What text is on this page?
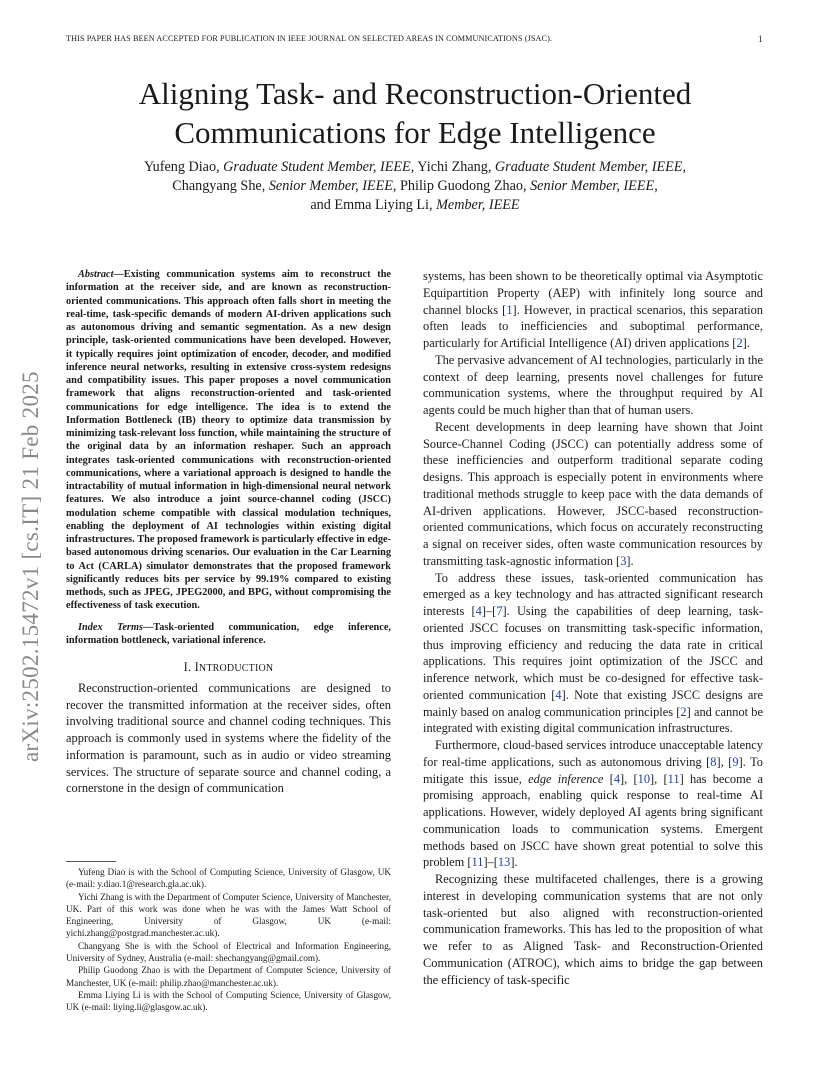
THIS PAPER HAS BEEN ACCEPTED FOR PUBLICATION IN IEEE JOURNAL ON SELECTED AREAS IN COMMUNICATIONS (JSAC).	1
arXiv:2502.15472v1 [cs.IT] 21 Feb 2025
Aligning Task- and Reconstruction-Oriented
Communications for Edge Intelligence
Yufeng Diao, Graduate Student Member, IEEE, Yichi Zhang, Graduate Student Member, IEEE,
Changyang She, Senior Member, IEEE, Philip Guodong Zhao, Senior Member, IEEE,
and Emma Liying Li, Member, IEEE

Abstract—Existing communication systems aim to reconstruct the information at the receiver side, and are known as reconstruction-oriented communications. This approach often falls short in meeting the real-time, task-specific demands of modern AI-driven applications such as autonomous driving and semantic segmentation. As a new design principle, task-oriented communications have been developed. However, it typically requires joint optimization of encoder, decoder, and modified inference neural networks, resulting in extensive cross-system redesigns and compatibility issues. This paper proposes a novel communication framework that aligns reconstruction-oriented and task-oriented communications for edge intelligence. The idea is to extend the Information Bottleneck (IB) theory to optimize data transmission by minimizing task-relevant loss function, while maintaining the structure of the original data by an information reshaper. Such an approach integrates task-oriented communications with reconstruction-oriented communications, where a variational approach is designed to handle the intractability of mutual information in high-dimensional neural network features. We also introduce a joint source-channel coding (JSCC) modulation scheme compatible with classical modulation techniques, enabling the deployment of AI technologies within existing digital infrastructures. The proposed framework is particularly effective in edge-based autonomous driving scenarios. Our evaluation in the Car Learning to Act (CARLA) simulator demonstrates that the proposed framework significantly reduces bits per service by 99.19% compared to existing methods, such as JPEG, JPEG2000, and BPG, without compromising the effectiveness of task execution.

Index Terms—Task-oriented communication, edge inference, information bottleneck, variational inference.

I. INTRODUCTION

Reconstruction-oriented communications are designed to recover the transmitted information at the receiver sides, often involving traditional source and channel coding techniques. This approach is commonly used in systems where the fidelity of the information is paramount, such as in audio or video streaming services. The structure of separate source and channel coding, a cornerstone in the design of communication

Yufeng Diao is with the School of Computing Science, University of Glasgow, UK (e-mail: y.diao.1@research.gla.ac.uk).

Yichi Zhang is with the Department of Computer Science, University of Manchester, UK. Part of this work was done when he was with the James Watt School of Engineering, University of Glasgow, UK (e-mail: yichi.zhang@postgrad.manchester.ac.uk).

Changyang She is with the School of Electrical and Information Engineering, University of Sydney, Australia (e-mail: shechangyang@gmail.com).

Philip Guodong Zhao is with the Department of Computer Science, University of Manchester, UK (e-mail: philip.zhao@manchester.ac.uk).

Emma Liying Li is with the School of Computing Science, University of Glasgow, UK (e-mail: liying.li@glasgow.ac.uk).

systems, has been shown to be theoretically optimal via Asymptotic Equipartition Property (AEP) with infinitely long source and channel blocks [1]. However, in practical scenarios, this separation often leads to inefficiencies and suboptimal performance, particularly for Artificial Intelligence (AI) driven applications [2].

The pervasive advancement of AI technologies, particularly in the context of deep learning, presents novel challenges for future communication systems, where the throughput required by AI agents could be much higher than that of human users.

Recent developments in deep learning have shown that Joint Source-Channel Coding (JSCC) can potentially address some of these inefficiencies and outperform traditional separate coding designs. This approach is especially potent in environments where traditional methods struggle to keep pace with the data demands of AI-driven applications. However, JSCC-based reconstruction-oriented communications, which focus on accurately reconstructing a signal on receiver sides, often waste communication resources by transmitting task-agnostic information [3].

To address these issues, task-oriented communication has emerged as a key technology and has attracted significant research interests [4]–[7]. Using the capabilities of deep learning, task-oriented JSCC focuses on transmitting task-specific information, thus improving efficiency and reducing the data rate in critical applications. This requires joint optimization of the JSCC and inference network, which must be co-designed for effective task-oriented communication [4]. Note that existing JSCC designs are mainly based on analog communication principles [2] and cannot be integrated with existing digital communication infrastructures.

Furthermore, cloud-based services introduce unacceptable latency for real-time applications, such as autonomous driving [8], [9]. To mitigate this issue, edge inference [4], [10], [11] has become a promising approach, enabling quick response to real-time AI applications. However, widely deployed AI agents bring significant communication loads to communication systems. Emergent methods based on JSCC have shown great potential to solve this problem [11]–[13].

Recognizing these multifaceted challenges, there is a growing interest in developing communication systems that are not only task-oriented but also aligned with reconstruction-oriented communication frameworks. This has led to the proposition of what we refer to as Aligned Task- and Reconstruction-Oriented Communication (ATROC), which aims to bridge the gap between the efficiency of task-specific
